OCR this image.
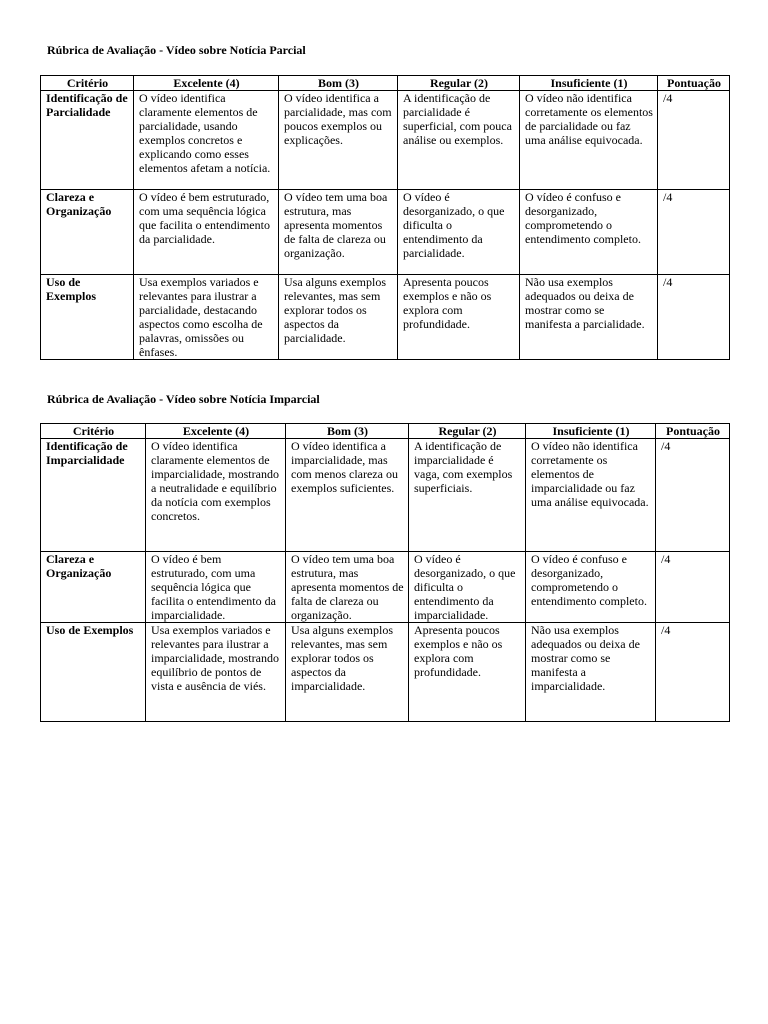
Rúbrica de Avaliação - Vídeo sobre Notícia Parcial
Critério	Excelente (4)	Bom (3)	Regular (2)	Insuficiente (1)	Pontuação
Identificação de Parcialidade	O vídeo identifica claramente elementos de parcialidade, usando exemplos concretos e explicando como esses elementos afetam a notícia.	O vídeo identifica a parcialidade, mas com poucos exemplos ou explicações.	A identificação de parcialidade é superficial, com pouca análise ou exemplos.	O vídeo não identifica corretamente os elementos de parcialidade ou faz uma análise equivocada.	/4
Clareza e Organização	O vídeo é bem estruturado, com uma sequência lógica que facilita o entendimento da parcialidade.	O vídeo tem uma boa estrutura, mas apresenta momentos de falta de clareza ou organização.	O vídeo é desorganizado, o que dificulta o entendimento da parcialidade.	O vídeo é confuso e desorganizado, comprometendo o entendimento completo.	/4
Uso de Exemplos	Usa exemplos variados e relevantes para ilustrar a parcialidade, destacando aspectos como escolha de palavras, omissões ou ênfases.	Usa alguns exemplos relevantes, mas sem explorar todos os aspectos da parcialidade.	Apresenta poucos exemplos e não os explora com profundidade.	Não usa exemplos adequados ou deixa de mostrar como se manifesta a parcialidade.	/4
Rúbrica de Avaliação - Vídeo sobre Notícia Imparcial
Critério	Excelente (4)	Bom (3)	Regular (2)	Insuficiente (1)	Pontuação
Identificação de Imparcialidade	O vídeo identifica claramente elementos de imparcialidade, mostrando a neutralidade e equilíbrio da notícia com exemplos concretos.	O vídeo identifica a imparcialidade, mas com menos clareza ou exemplos suficientes.	A identificação de imparcialidade é vaga, com exemplos superficiais.	O vídeo não identifica corretamente os elementos de imparcialidade ou faz uma análise equivocada.	/4
Clareza e Organização	O vídeo é bem estruturado, com uma sequência lógica que facilita o entendimento da imparcialidade.	O vídeo tem uma boa estrutura, mas apresenta momentos de falta de clareza ou organização.	O vídeo é desorganizado, o que dificulta o entendimento da imparcialidade.	O vídeo é confuso e desorganizado, comprometendo o entendimento completo.	/4
Uso de Exemplos	Usa exemplos variados e relevantes para ilustrar a imparcialidade, mostrando equilíbrio de pontos de vista e ausência de viés.	Usa alguns exemplos relevantes, mas sem explorar todos os aspectos da imparcialidade.	Apresenta poucos exemplos e não os explora com profundidade.	Não usa exemplos adequados ou deixa de mostrar como se manifesta a imparcialidade.	/4
